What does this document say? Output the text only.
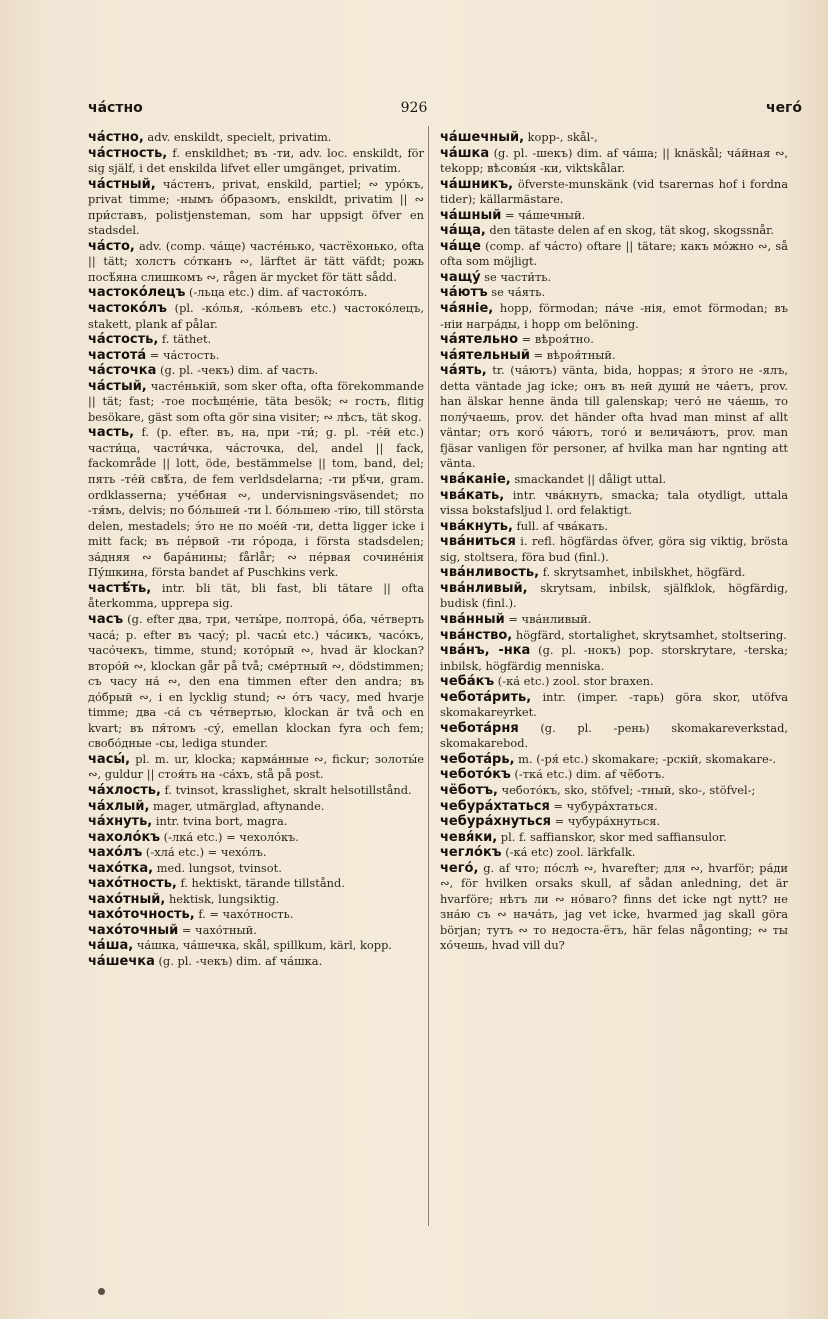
ча́стно	926	чего́

ча́стно, adv. enskildt, specielt, privatim.

ча́стность, f. enskildhet; въ -ти, adv. loc. enskildt, för sig själf, i det enskilda lifvet eller umgänget, privatim.

ча́стный, ча́стенъ, privat, enskild, partiel; ∾ уро́къ, privat timme; -нымъ о́бразомъ, enskildt, privatim || ∾ при́ставъ, polistjensteman, som har uppsigt öfver en stadsdel.

ча́сто, adv. (comp. ча́ще) часте́нько, частёхонько, ofta || tätt; холстъ со́тканъ ∾, lärftet är tätt väfdt; рожь посѣ́яна слишкомъ ∾, rågen är mycket för tätt sådd.

частоко́лецъ (-льца etc.) dim. af частоко́лъ.

частоко́лъ (pl. -ко́лья, -ко́льевъ etc.) частоко́лецъ, stakett, plank af pålar.

ча́стость, f. täthet.

частота́ = ча́стость.

ча́сточка (g. pl. -чекъ) dim. af часть.

ча́стый, часте́нькій, som sker ofta, ofta förekommande || tät; fast; -тое посѣще́ніе, täta besök; ∾ гость, flitig besökare, gäst som ofta gör sina visiter; ∾ лѣсъ, tät skog.

часть, f. (p. efter. въ, на, при -ти́; g. pl. -те́й etc.) части́ца, части́чка, ча́сточка, del, andel || fack, fackområde || lott, öde, bestämmelse || tom, band, del; пять -те́й свѣ́та, de fem verldsdelarna; -ти рѣ́чи, gram. ordklasserna; уче́бная ∾, undervisningsväsendet; по -тя́мъ, delvis; по бо́льшей -ти l. бо́льшею -тію, till största delen, mestadels; э́то не по мое́й -ти, detta ligger icke i mitt fack; въ пе́рвой -ти го́рода, i första stadsdelen; за́дняя ∾ бара́нины; fårlår; ∾ пе́рвая сочине́нія Пу́шкина, första bandet af Puschkins verk.

частѣ́ть, intr. bli tät, bli fast, bli tätare || ofta återkomma, upprepa sig.

часъ (g. efter два, три, четы́ре, полтора́, о́ба, че́тверть часа́; p. efter въ часу́; pl. часы́ etc.) ча́сикъ, часо́къ, часо́чекъ, timme, stund; кото́рый ∾, hvad är klockan? второ́й ∾, klockan går på två; сме́ртный ∾, dödstimmen; съ часу на́ ∾, den ena timmen efter den andra; въ до́брый ∾, i en lycklig stund; ∾ о́тъ часу, med hvarje timme; два -са́ съ че́твертью, klockan är två och en kvart; въ пя́томъ -су́, emellan klockan fyra och fem; свобо́дные -сы, lediga stunder.

часы́, pl. m. ur, klocka; карма́нные ∾, fickur; золоты́е ∾, guldur || стоя́ть на -са́хъ, stå på post.

ча́хлость, f. tvinsot, krasslighet, skralt helsotillstånd.

ча́хлый, mager, utmärglad, aftynande.

ча́хнуть, intr. tvina bort, magra.

чахоло́къ (-лка́ etc.) = чехоло́къ.

чахо́лъ (-хла́ etc.) = чехо́лъ.

чахо́тка, med. lungsot, tvinsot.

чахо́тность, f. hektiskt, tärande tillstånd.

чахо́тный, hektisk, lungsiktig.

чахо́точность, f. = чахо́тность.

чахо́точный = чахо́тный.

ча́ша, ча́шка, ча́шечка, skål, spillkum, kärl, kopp.

ча́шечка (g. pl. -чекъ) dim. af ча́шка.

ча́шечный, kopp-, skål-,

ча́шка (g. pl. -шекъ) dim. af ча́ша; || knäskål; ча́йная ∾, tekopp; вѣсовы́я -ки, viktskålar.

ча́шникъ, öfverste-munskänk (vid tsarernas hof i fordna tider); källarmästare.

ча́шный = ча́шечный.

ча́ща, den tätaste delen af en skog, tät skog, skogssnår.

ча́ще (comp. af ча́сто) oftare || tätare; какъ мо́жно ∾, så ofta som möjligt.

чащу́ se части́ть.

ча́ютъ se ча́ять.

ча́яніе, hopp, förmodan; па́че -нія, emot förmodan; въ -ніи награ́ды, i hopp om belöning.

ча́ятельно = вѣроя́тно.

ча́ятельный = вѣроя́тный.

ча́ять, tr. (ча́ютъ) vänta, bida, hoppas; я э́того не -ялъ, detta väntade jag icke; онъ въ ней души́ не ча́етъ, prov. han älskar henne ända till galenskap; чего́ не ча́ешь, то полу́чаешь, prov. det händer ofta hvad man minst af allt väntar; отъ кого́ ча́ютъ, того́ и велича́ютъ, prov. man fjäsar vanligen för personer, af hvilka man har ngnting att vänta.

чва́каніе, smackandet || dåligt uttal.

чва́кать, intr. чва́кнуть, smacka; tala otydligt, uttala vissa bokstafsljud l. ord felaktigt.

чва́кнуть, full. af чва́кать.

чва́ниться i. refl. högfärdas öfver, göra sig viktig, brösta sig, stoltsera, föra bud (finl.).

чва́нливость, f. skrytsamhet, inbilskhet, högfärd.

чва́нливый, skrytsam, inbilsk, själfklok, högfärdig, budisk (finl.).

чва́нный = чва́нливый.

чва́нство, högfärd, stortalighet, skrytsamhet, stoltsering.

чва́нъ, -нка (g. pl. -нокъ) pop. storskrytare, -terska; inbilsk, högfärdig menniska.

чеба́къ (-ка́ etc.) zool. stor braxen.

чебота́рить, intr. (imper. -тарь) göra skor, utöfva skomakareyrket.

чебота́рня (g. pl. -рень) skomakareverkstad, skomakarebod.

чебота́рь, m. (-ря́ etc.) skomakare; -рскій, skomakare-.

чебото́къ (-тка́ etc.) dim. af чёботъ.

чёботъ, чебото́къ, sko, stöfvel; -тный, sko-, stöfvel-;

чебура́хтаться = чубура́хтаться.

чебура́хнуться = чубура́хнуться.

чевя́ки, pl. f. saffianskor, skor med saffiansulor.

чегло́къ (-ка́ etc) zool. lärkfalk.

чего́, g. af что; по́слѣ ∾, hvarefter; для ∾, hvarför; ра́ди ∾, för hvilken orsaks skull, af sådan anledning, det är hvarföre; нѣтъ ли ∾ но́ваго? finns det icke ngt nytt? не зна́ю съ ∾ нача́ть, jag vet icke, hvarmed jag skall göra början; тутъ ∾ то недоста-ётъ, här felas någonting; ∾ ты хо́чешь, hvad vill du?
